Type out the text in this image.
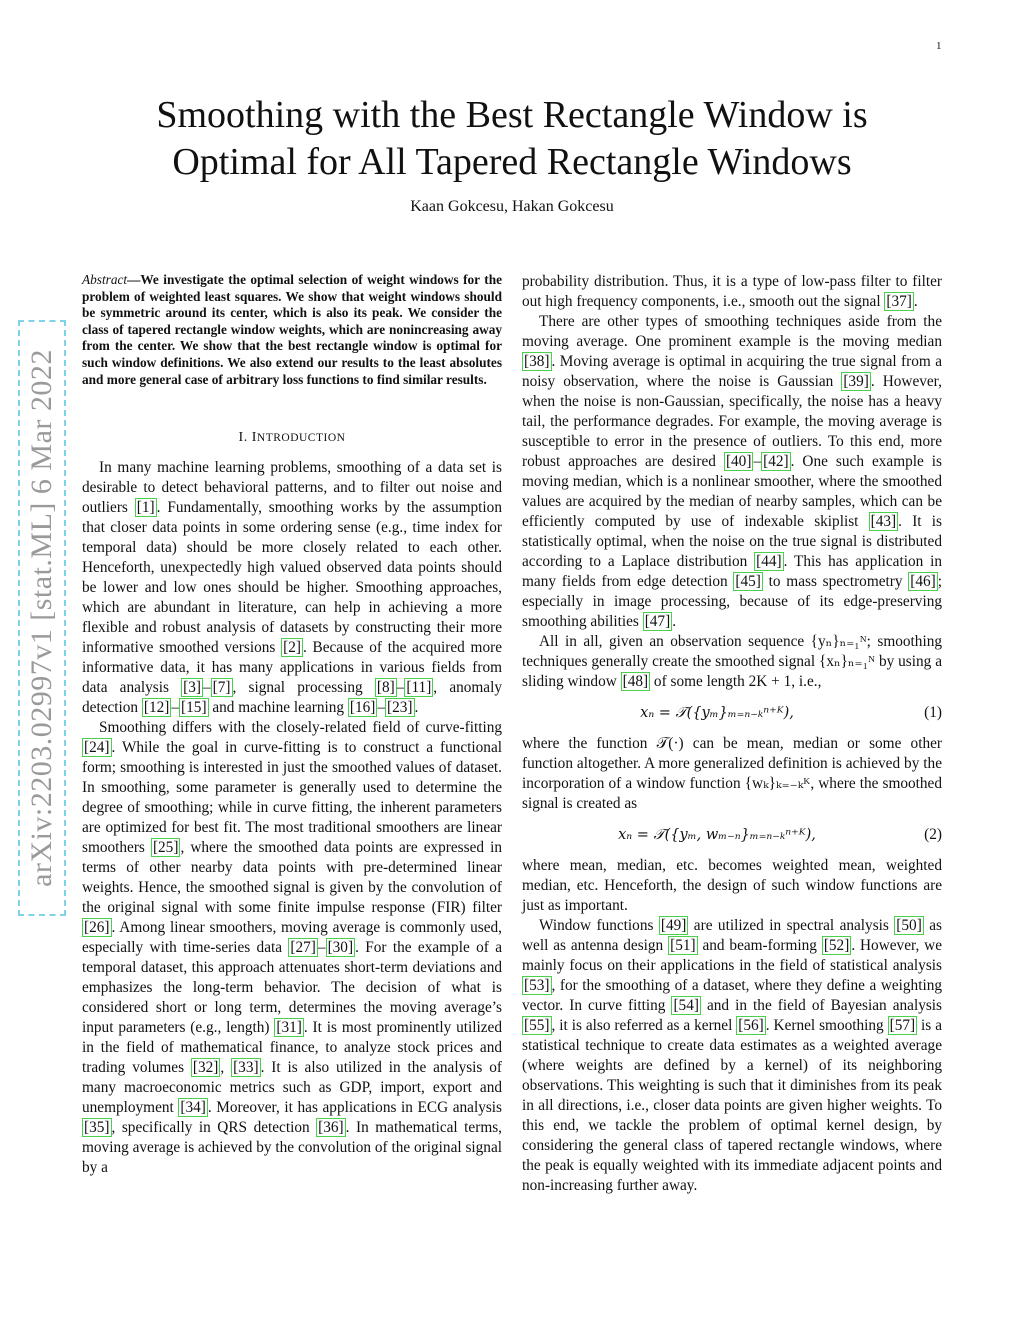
1
arXiv:2203.02997v1 [stat.ML] 6 Mar 2022
Smoothing with the Best Rectangle Window is
Optimal for All Tapered Rectangle Windows
Kaan Gokcesu, Hakan Gokcesu

Abstract—We investigate the optimal selection of weight windows for the problem of weighted least squares. We show that weight windows should be symmetric around its center, which is also its peak. We consider the class of tapered rectangle window weights, which are nonincreasing away from the center. We show that the best rectangle window is optimal for such window definitions. We also extend our results to the least absolutes and more general case of arbitrary loss functions to find similar results.

I. INTRODUCTION

In many machine learning problems, smoothing of a data set is desirable to detect behavioral patterns, and to filter out noise and outliers [1] . Fundamentally, smoothing works by the assumption that closer data points in some ordering sense (e.g., time index for temporal data) should be more closely related to each other. Henceforth, unexpectedly high valued observed data points should be lower and low ones should be higher. Smoothing approaches, which are abundant in literature, can help in achieving a more flexible and robust analysis of datasets by constructing their more informative smoothed versions [2] . Because of the acquired more informative data, it has many applications in various fields from data analysis [3] – [7] , signal processing [8] – [11] , anomaly detection [12] – [15] and machine learning [16] – [23] .

Smoothing differs with the closely-related field of curve-fitting [24] . While the goal in curve-fitting is to construct a functional form; smoothing is interested in just the smoothed values of dataset. In smoothing, some parameter is generally used to determine the degree of smoothing; while in curve fitting, the inherent parameters are optimized for best fit. The most traditional smoothers are linear smoothers [25] , where the smoothed data points are expressed in terms of other nearby data points with pre-determined linear weights. Hence, the smoothed signal is given by the convolution of the original signal with some finite impulse response (FIR) filter [26] . Among linear smoothers, moving average is commonly used, especially with time-series data [27] – [30] . For the example of a temporal dataset, this approach attenuates short-term deviations and emphasizes the long-term behavior. The decision of what is considered short or long term, determines the moving average’s input parameters (e.g., length) [31] . It is most prominently utilized in the field of mathematical finance, to analyze stock prices and trading volumes [32] , [33] . It is also utilized in the analysis of many macroeconomic metrics such as GDP, import, export and unemployment [34] . Moreover, it has applications in ECG analysis [35] , specifically in QRS detection [36] . In mathematical terms, moving average is achieved by the convolution of the original signal by a

probability distribution. Thus, it is a type of low-pass filter to filter out high frequency components, i.e., smooth out the signal [37] .

There are other types of smoothing techniques aside from the moving average. One prominent example is the moving median [38] . Moving average is optimal in acquiring the true signal from a noisy observation, where the noise is Gaussian [39] . However, when the noise is non-Gaussian, specifically, the noise has a heavy tail, the performance degrades. For example, the moving average is susceptible to error in the presence of outliers. To this end, more robust approaches are desired [40] – [42] . One such example is moving median, which is a nonlinear smoother, where the smoothed values are acquired by the median of nearby samples, which can be efficiently computed by use of indexable skiplist [43] . It is statistically optimal, when the noise on the true signal is distributed according to a Laplace distribution [44] . This has application in many fields from edge detection [45] to mass spectrometry [46] ; especially in image processing, because of its edge-preserving smoothing abilities [47] .

All in all, given an observation sequence {yₙ}ₙ₌₁ᴺ; smoothing techniques generally create the smoothed signal {xₙ}ₙ₌₁ᴺ by using a sliding window [48] of some length 2K + 1, i.e.,

xₙ = 𝒯({yₘ}ₘ₌ₙ₋ₖⁿ⁺ᴷ),	(1)

where the function 𝒯(·) can be mean, median or some other function altogether. A more generalized definition is achieved by the incorporation of a window function {wₖ}ₖ₌₋ₖᴷ, where the smoothed signal is created as

xₙ = 𝒯({yₘ, wₘ₋ₙ}ₘ₌ₙ₋ₖⁿ⁺ᴷ),	(2)

where mean, median, etc. becomes weighted mean, weighted median, etc. Henceforth, the design of such window functions are just as important.

Window functions [49] are utilized in spectral analysis [50] as well as antenna design [51] and beam-forming [52] . However, we mainly focus on their applications in the field of statistical analysis [53] , for the smoothing of a dataset, where they define a weighting vector. In curve fitting [54] and in the field of Bayesian analysis [55] , it is also referred as a kernel [56] . Kernel smoothing [57] is a statistical technique to create data estimates as a weighted average (where weights are defined by a kernel) of its neighboring observations. This weighting is such that it diminishes from its peak in all directions, i.e., closer data points are given higher weights. To this end, we tackle the problem of optimal kernel design, by considering the general class of tapered rectangle windows, where the peak is equally weighted with its immediate adjacent points and non-increasing further away.
